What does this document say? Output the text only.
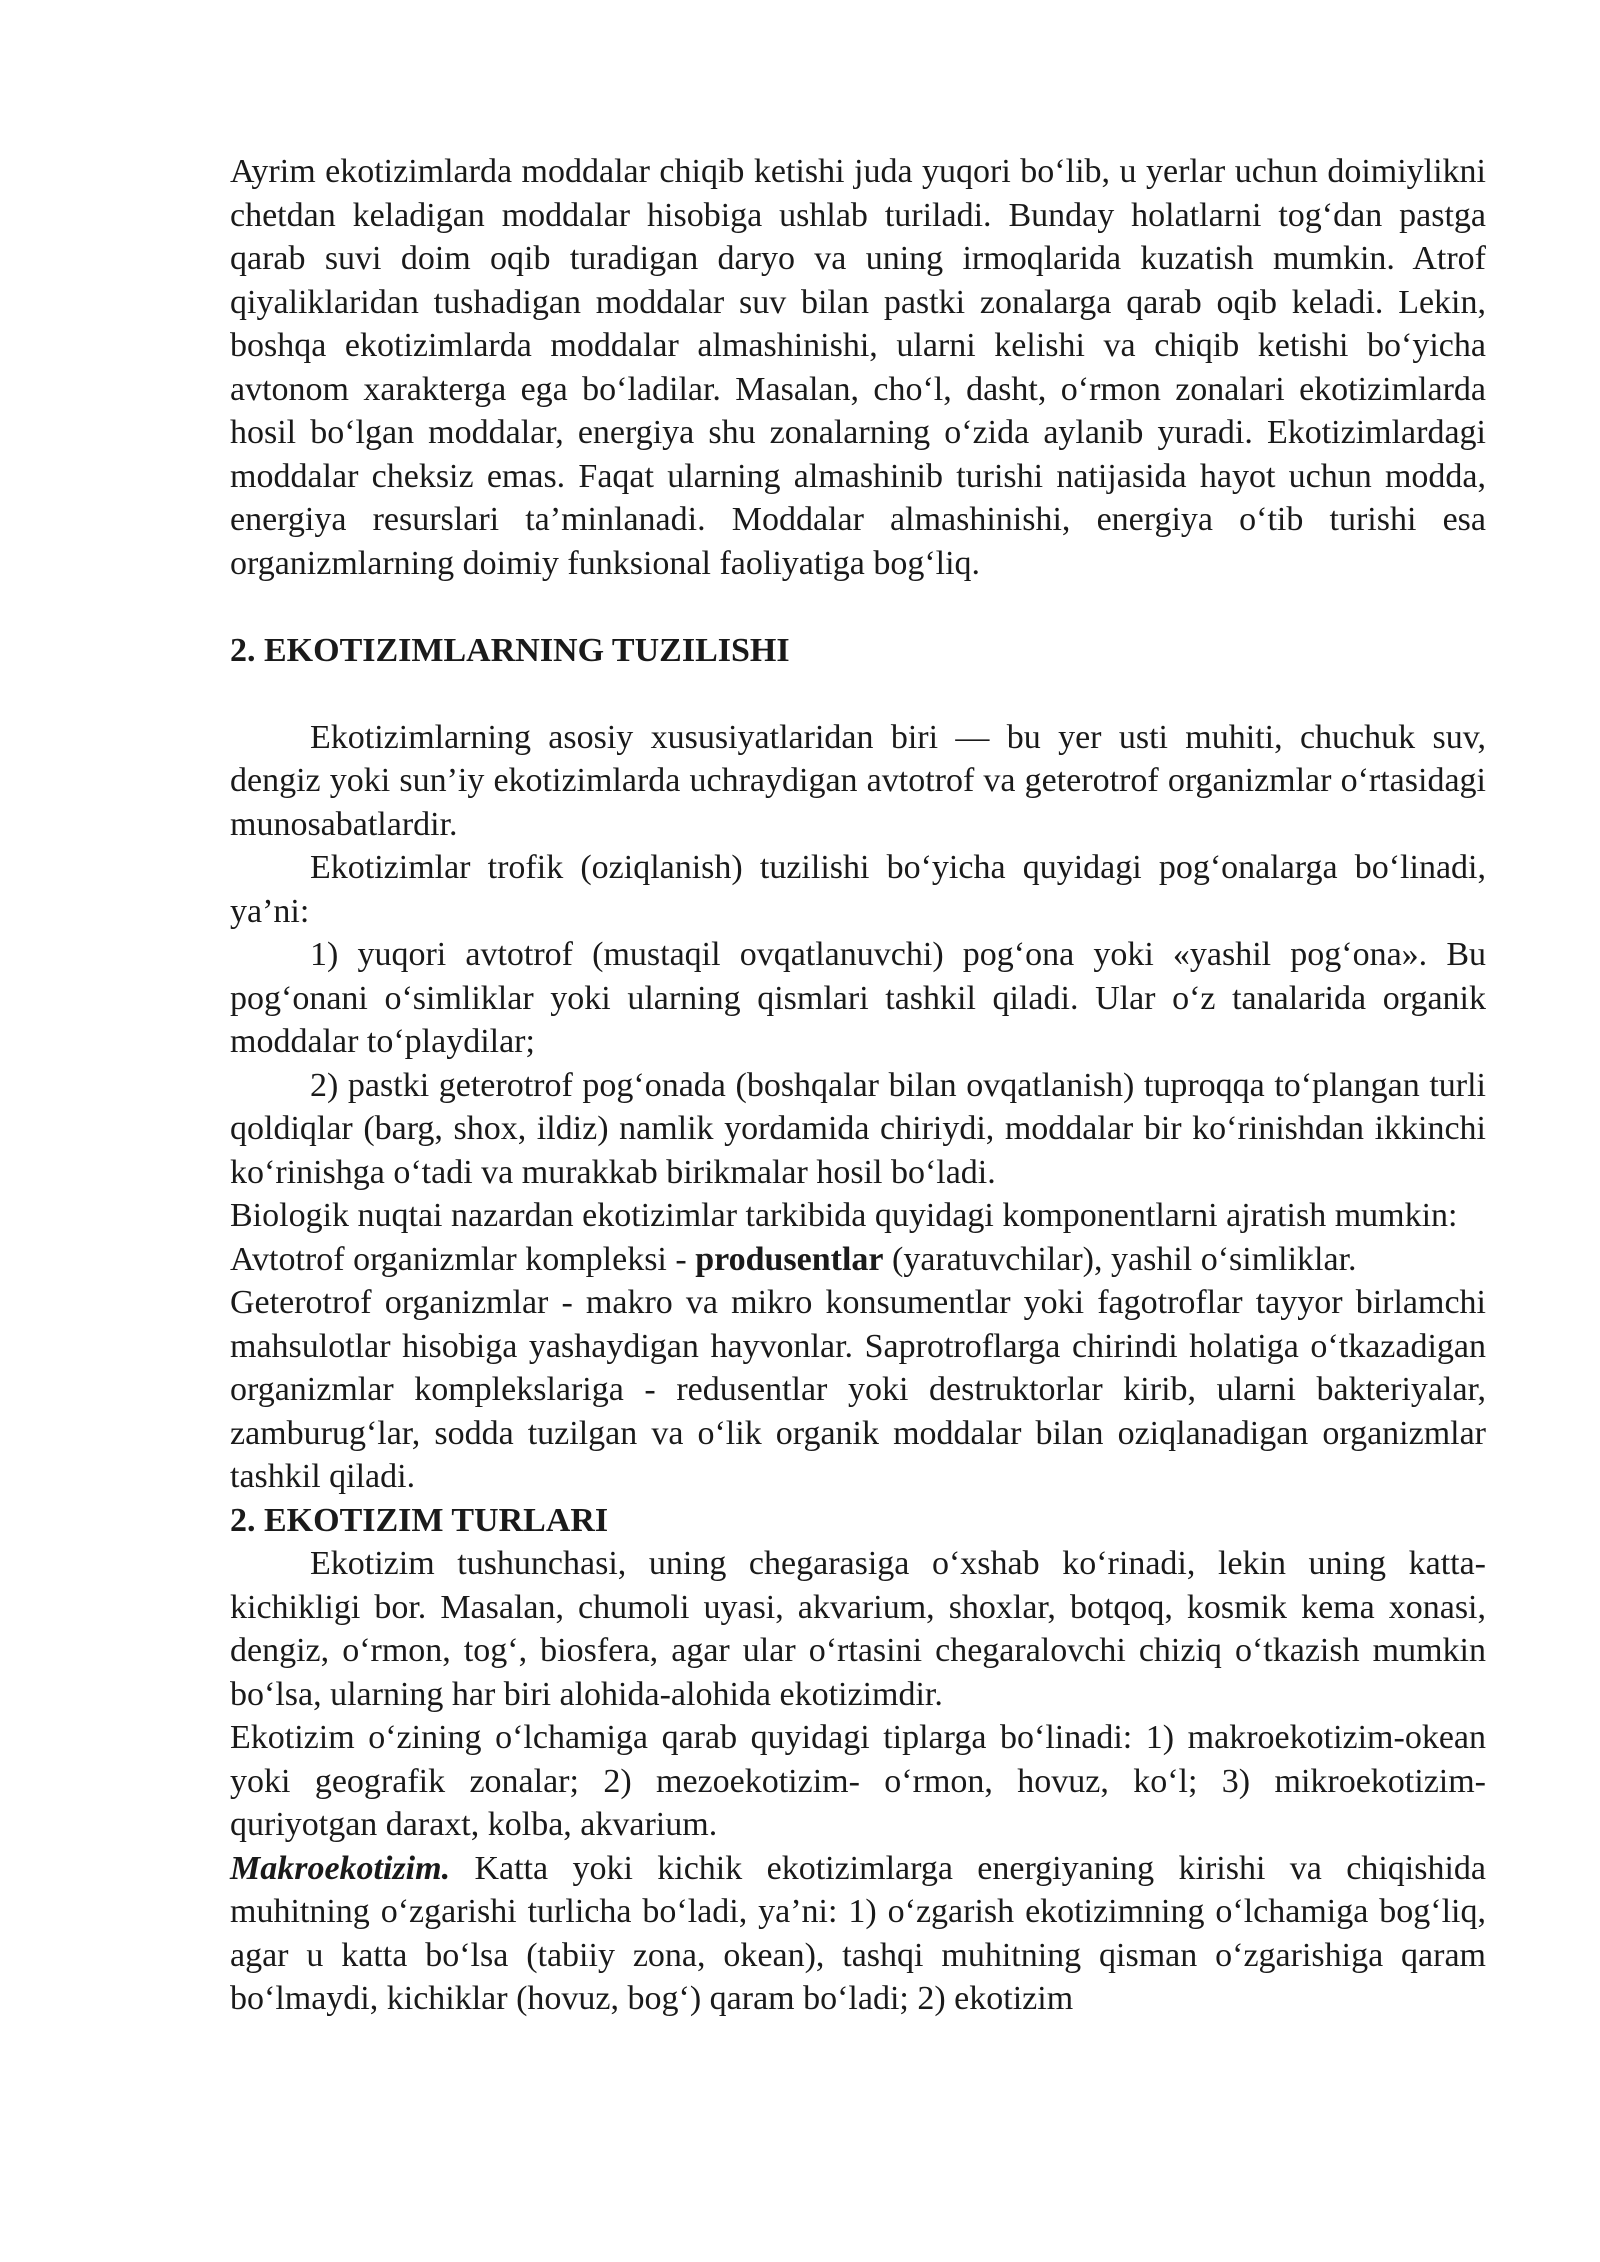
Ayrim ekotizimlarda moddalar chiqib ketishi juda yuqori bo‘lib, u yerlar uchun doimiylikni chetdan keladigan moddalar hisobiga ushlab turiladi. Bunday holatlarni tog‘dan pastga qarab suvi doim oqib turadigan daryo va uning irmoqlarida kuzatish mumkin. Atrof qiyaliklaridan tushadigan moddalar suv bilan pastki zonalarga qarab oqib keladi. Lekin, boshqa ekotizimlarda moddalar almashinishi, ularni kelishi va chiqib ketishi bo‘yicha avtonom xarakterga ega bo‘ladilar. Masalan, cho‘l, dasht, o‘rmon zonalari ekotizimlarda hosil bo‘lgan moddalar, energiya shu zonalarning o‘zida aylanib yuradi. Ekotizimlardagi moddalar cheksiz emas. Faqat ularning almashinib turishi natijasida hayot uchun modda, energiya resurslari ta’minlanadi. Moddalar almashinishi, energiya o‘tib turishi esa organizmlarning doimiy funksional faoliyatiga bog‘liq.

2. EKOTIZIMLARNING TUZILISHI

Ekotizimlarning asosiy xususiyatlaridan biri — bu yer usti muhiti, chuchuk suv, dengiz yoki sun’iy ekotizimlarda uchraydigan avtotrof va geterotrof organizmlar o‘rtasidagi munosabatlardir.

Ekotizimlar trofik (oziqlanish) tuzilishi bo‘yicha quyidagi pog‘onalarga bo‘linadi, ya’ni:

1) yuqori avtotrof (mustaqil ovqatlanuvchi) pog‘ona yoki «yashil pog‘ona». Bu pog‘onani o‘simliklar yoki ularning qismlari tashkil qiladi. Ular o‘z tanalarida organik moddalar to‘playdilar;

2) pastki geterotrof pog‘onada (boshqalar bilan ovqatlanish) tuproqqa to‘plangan turli qoldiqlar (barg, shox, ildiz) namlik yordamida chiriydi, moddalar bir ko‘rinishdan ikkinchi ko‘rinishga o‘tadi va murakkab birikmalar hosil bo‘ladi.

Biologik nuqtai nazardan ekotizimlar tarkibida quyidagi komponentlarni ajratish mumkin:

Avtotrof organizmlar kompleksi - produsentlar (yaratuvchilar), yashil o‘simliklar.

Geterotrof organizmlar - makro va mikro konsumentlar yoki fagotroflar tayyor birlamchi mahsulotlar hisobiga yashaydigan hayvonlar. Saprotroflarga chirindi holatiga o‘tkazadigan organizmlar komplekslariga - redusentlar yoki destruktorlar kirib, ularni bakteriyalar, zamburug‘lar, sodda tuzilgan va o‘lik organik moddalar bilan oziqlanadigan organizmlar tashkil qiladi.

2. EKOTIZIM TURLARI

Ekotizim tushunchasi, uning chegarasiga o‘xshab ko‘rinadi, lekin uning katta-kichikligi bor. Masalan, chumoli uyasi, akvarium, shoxlar, botqoq, kosmik kema xonasi, dengiz, o‘rmon, tog‘, biosfera, agar ular o‘rtasini chegaralovchi chiziq o‘tkazish mumkin bo‘lsa, ularning har biri alohida-alohida ekotizimdir.

Ekotizim o‘zining o‘lchamiga qarab quyidagi tiplarga bo‘linadi: 1) makroekotizim-okean yoki geografik zonalar; 2) mezoekotizim- o‘rmon, hovuz, ko‘l; 3) mikroekotizim- quriyotgan daraxt, kolba, akvarium.

Makroekotizim. Katta yoki kichik ekotizimlarga energiyaning kirishi va chiqishida muhitning o‘zgarishi turlicha bo‘ladi, ya’ni: 1) o‘zgarish ekotizimning o‘lchamiga bog‘liq, agar u katta bo‘lsa (tabiiy zona, okean), tashqi muhitning qisman o‘zgarishiga qaram bo‘lmaydi, kichiklar (hovuz, bog‘) qaram bo‘ladi; 2) ekotizim
